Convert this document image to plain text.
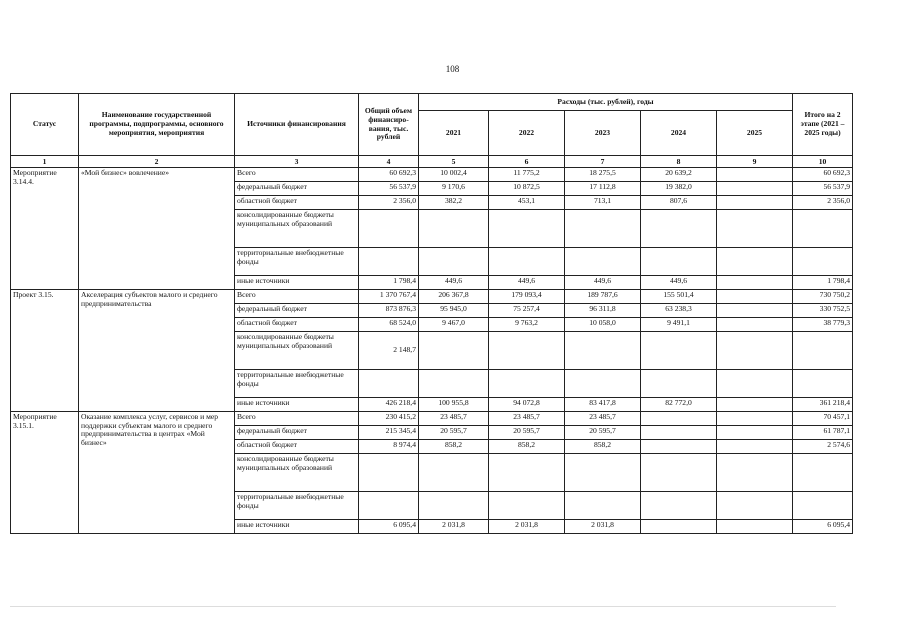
108
Статус	Наименование государственной программы, подпрограммы, основного мероприятия, мероприятия	Источники финансирования	Общий объем финансиро-вания, тыс. рублей	Расходы (тыс. рублей), годы					Итого на 2 этапе (2021 – 2025 годы)
				2021	2022	2023	2024	2025	
1	2	3	4	5	6	7	8	9	10
Мероприятие 3.14.4.	«Мой бизнес» вовлечение»	Всего	60 692,3	10 002,4	11 775,2	18 275,5	20 639,2		60 692,3
		федеральный бюджет	56 537,9	9 170,6	10 872,5	17 112,8	19 382,0		56 537,9
		областной бюджет	2 356,0	382,2	453,1	713,1	807,6		2 356,0
		консолидированные бюджеты муниципальных образований							
		территориальные внебюджетные фонды							
		иные источники	1 798,4	449,6	449,6	449,6	449,6		1 798,4
Проект 3.15.	Акселерация субъектов малого и среднего предпринимательства	Всего	1 370 767,4	206 367,8	179 093,4	189 787,6	155 501,4		730 750,2
		федеральный бюджет	873 876,3	95 945,0	75 257,4	96 311,8	63 238,3		330 752,5
		областной бюджет	68 524,0	9 467,0	9 763,2	10 058,0	9 491,1		38 779,3
		консолидированные бюджеты муниципальных образований	2 148,7						
		территориальные внебюджетные фонды							
		иные источники	426 218,4	100 955,8	94 072,8	83 417,8	82 772,0		361 218,4
Мероприятие 3.15.1.	Оказание комплекса услуг, сервисов и мер поддержки субъектам малого и среднего предпринимательства в центрах «Мой бизнес»	Всего	230 415,2	23 485,7	23 485,7	23 485,7			70 457,1
		федеральный бюджет	215 345,4	20 595,7	20 595,7	20 595,7			61 787,1
		областной бюджет	8 974,4	858,2	858,2	858,2			2 574,6
		консолидированные бюджеты муниципальных образований							
		территориальные внебюджетные фонды							
		иные источники	6 095,4	2 031,8	2 031,8	2 031,8			6 095,4
